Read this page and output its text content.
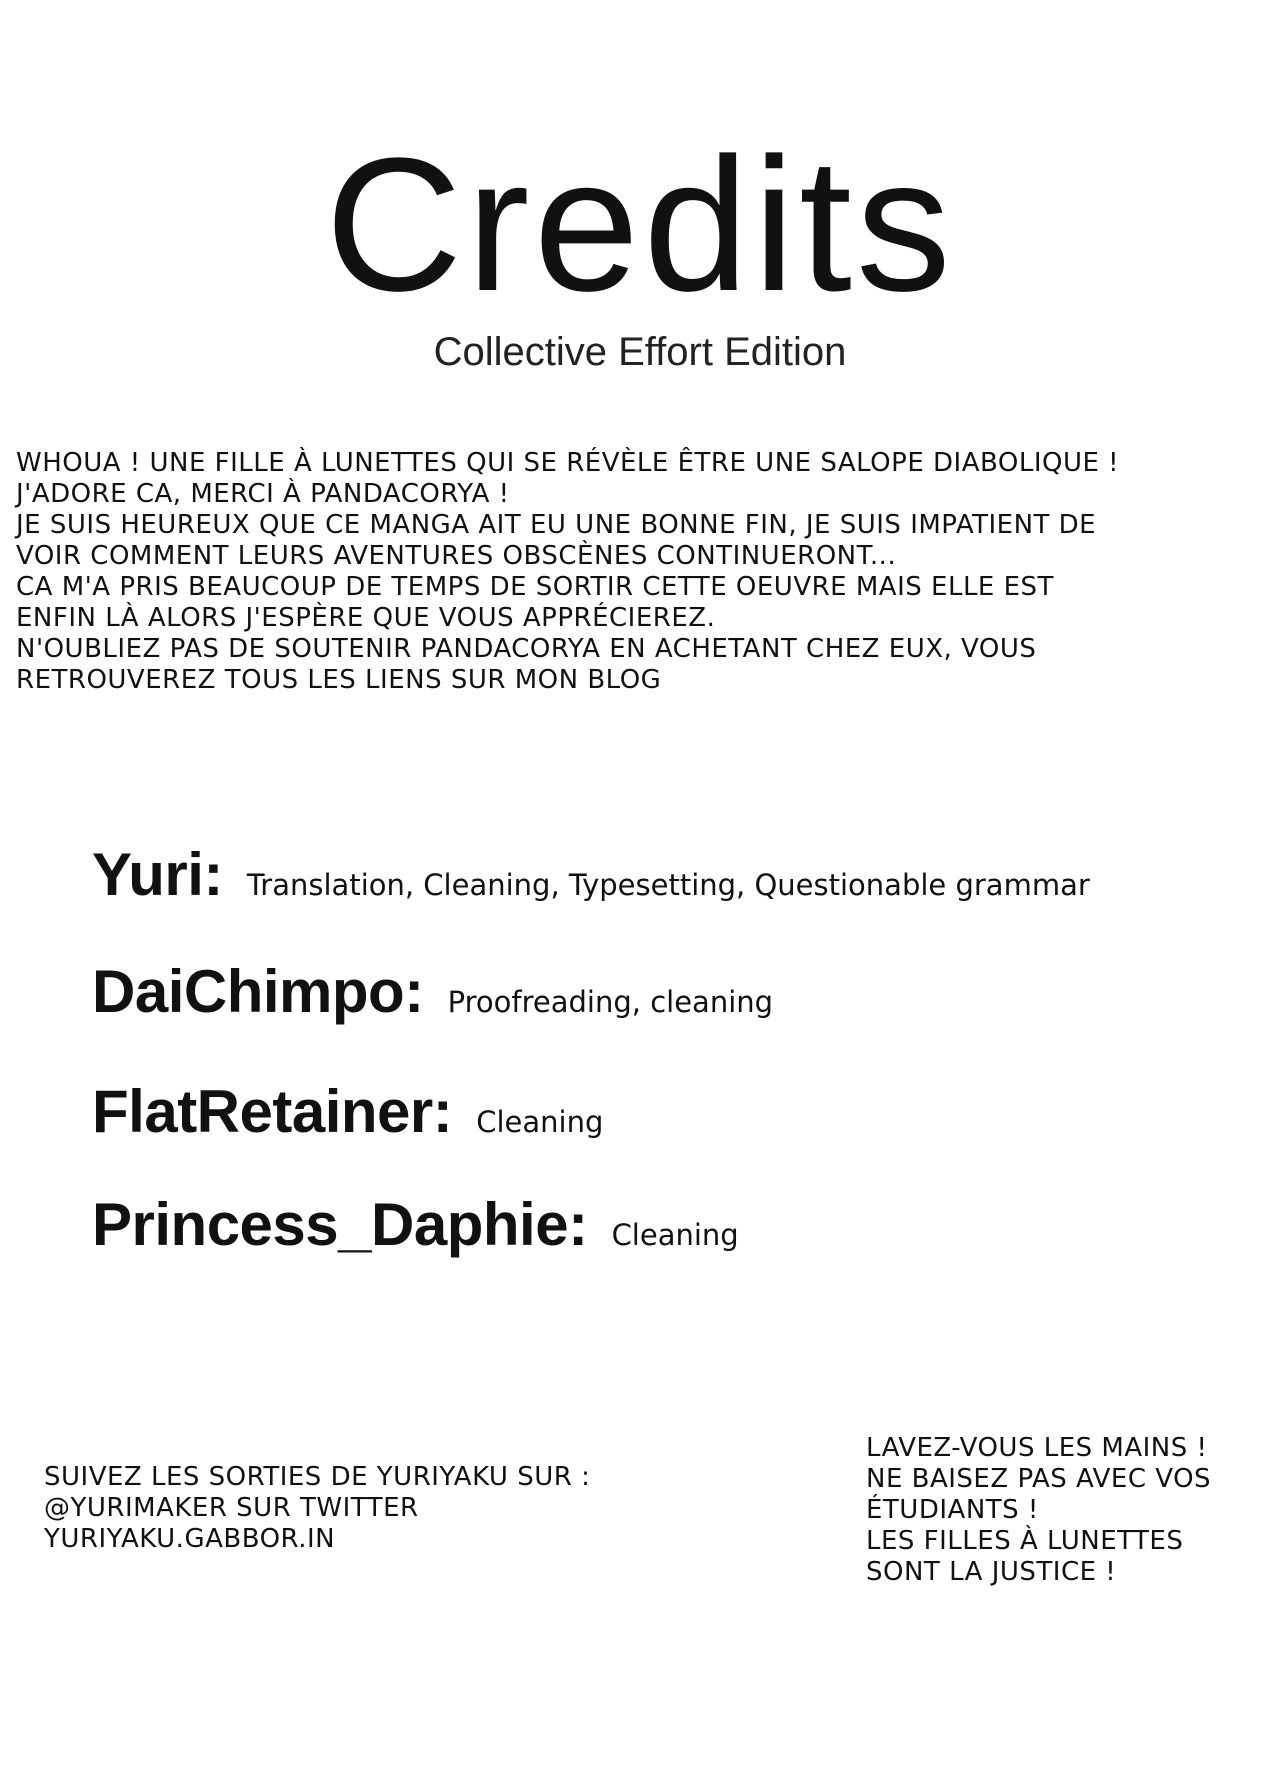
Credits
Collective Effort Edition
WHOUA ! UNE FILLE À LUNETTES QUI SE RÉVÈLE ÊTRE UNE SALOPE DIABOLIQUE !
J'ADORE CA, MERCI À PANDACORYA !
JE SUIS HEUREUX QUE CE MANGA AIT EU UNE BONNE FIN, JE SUIS IMPATIENT DE
VOIR COMMENT LEURS AVENTURES OBSCÈNES CONTINUERONT...
CA M'A PRIS BEAUCOUP DE TEMPS DE SORTIR CETTE OEUVRE MAIS ELLE EST
ENFIN LÀ ALORS J'ESPÈRE QUE VOUS APPRÉCIEREZ.
N'OUBLIEZ PAS DE SOUTENIR PANDACORYA EN ACHETANT CHEZ EUX, VOUS
RETROUVEREZ TOUS LES LIENS SUR MON BLOG
Yuri: Translation, Cleaning, Typesetting, Questionable grammar
DaiChimpo: Proofreading, cleaning
FlatRetainer: Cleaning
Princess_Daphie: Cleaning
SUIVEZ LES SORTIES DE YURIYAKU SUR :
@YURIMAKER SUR TWITTER
YURIYAKU.GABBOR.IN
LAVEZ-VOUS LES MAINS !
NE BAISEZ PAS AVEC VOS
ÉTUDIANTS !
LES FILLES À LUNETTES
SONT LA JUSTICE !
